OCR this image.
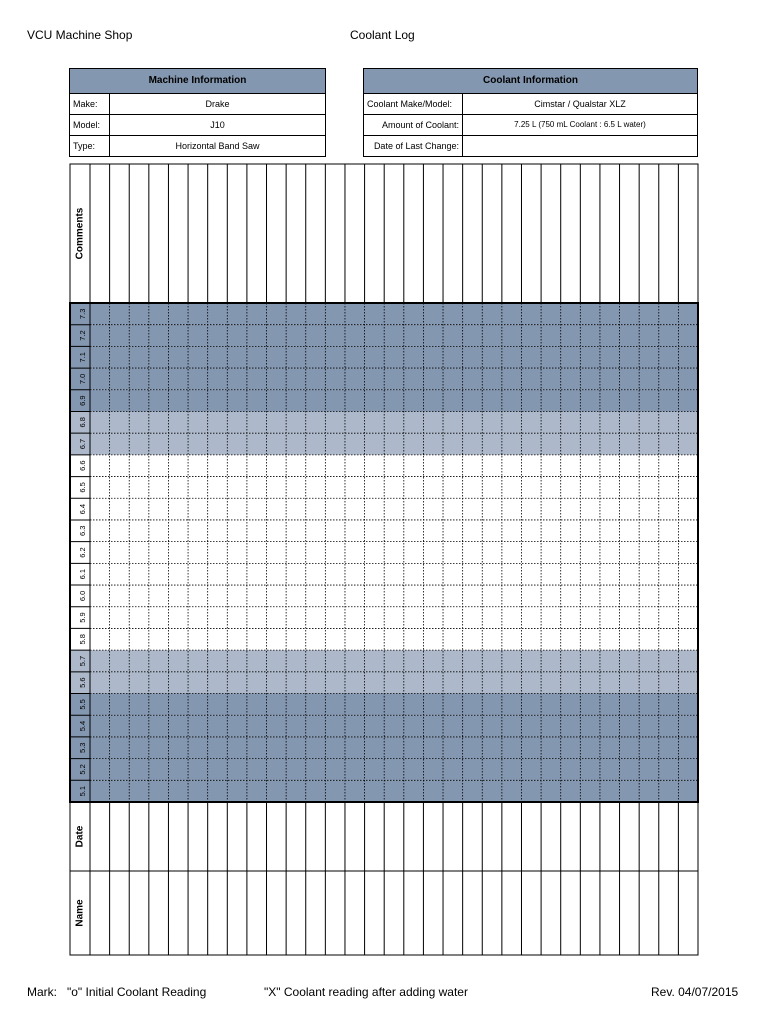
VCU Machine Shop	Coolant Log
Machine Information
Make:	Drake
Model:	J10
Type:	Horizontal Band Saw
Coolant Information
Coolant Make/Model:	Cimstar / Qualstar XLZ
Amount of Coolant:	7.25 L (750 mL Coolant : 6.5 L water)
Date of Last Change:
7.3
7.2
7.1
7.0
6.9
6.8
6.7
6.6
6.5
6.4
6.3
6.2
6.1
6.0
5.9
5.8
5.7
5.6
5.5
5.4
5.3
5.2
5.1
Comments
Date
Name
Mark: "o" Initial Coolant Reading	"X" Coolant reading after adding water	Rev. 04/07/2015
